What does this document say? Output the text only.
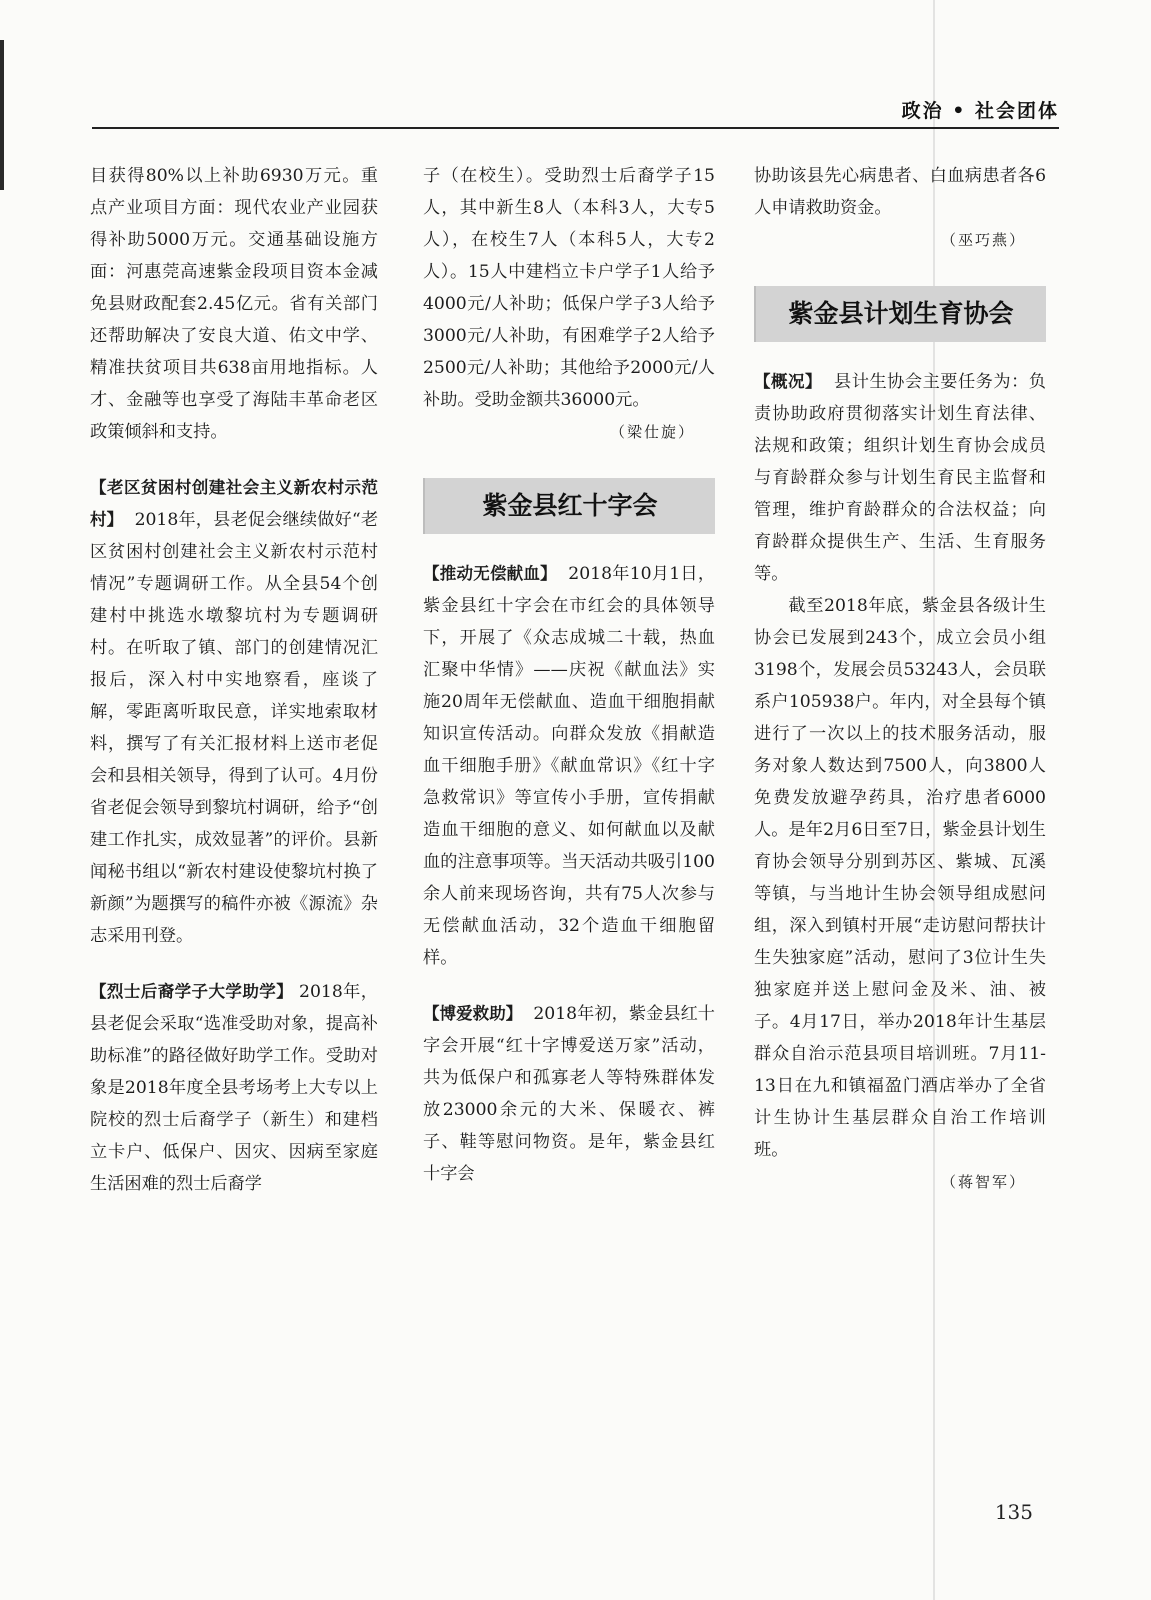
政治 • 社会团体

目获得80%以上补助6930万元。重点产业项目方面：现代农业产业园获得补助5000万元。交通基础设施方面：河惠莞高速紫金段项目资本金减免县财政配套2.45亿元。省有关部门还帮助解决了安良大道、佑文中学、精准扶贫项目共638亩用地指标。人才、金融等也享受了海陆丰革命老区政策倾斜和支持。

【老区贫困村创建社会主义新农村示范村】 2018年，县老促会继续做好“老区贫困村创建社会主义新农村示范村情况”专题调研工作。从全县54个创建村中挑选水墩黎坑村为专题调研村。在听取了镇、部门的创建情况汇报后，深入村中实地察看，座谈了解，零距离听取民意，详实地索取材料，撰写了有关汇报材料上送市老促会和县相关领导，得到了认可。4月份省老促会领导到黎坑村调研，给予“创建工作扎实，成效显著”的评价。县新闻秘书组以“新农村建设使黎坑村换了新颜”为题撰写的稿件亦被《源流》杂志采用刊登。

【烈士后裔学子大学助学】 2018年，县老促会采取“选准受助对象，提高补助标准”的路径做好助学工作。受助对象是2018年度全县考场考上大专以上院校的烈士后裔学子（新生）和建档立卡户、低保户、因灾、因病至家庭生活困难的烈士后裔学

子（在校生）。受助烈士后裔学子15人，其中新生8人（本科3人，大专5人），在校生7人（本科5人，大专2人）。15人中建档立卡户学子1人给予4000元/人补助；低保户学子3人给予3000元/人补助，有困难学子2人给予2500元/人补助；其他给予2000元/人补助。受助金额共36000元。

（梁仕旋）

紫金县红十字会

【推动无偿献血】 2018年10月1日，紫金县红十字会在市红会的具体领导下，开展了《众志成城二十载，热血汇聚中华情》——庆祝《献血法》实施20周年无偿献血、造血干细胞捐献知识宣传活动。向群众发放《捐献造血干细胞手册》《献血常识》《红十字急救常识》等宣传小手册，宣传捐献造血干细胞的意义、如何献血以及献血的注意事项等。当天活动共吸引100余人前来现场咨询，共有75人次参与无偿献血活动，32个造血干细胞留样。

【博爱救助】 2018年初，紫金县红十字会开展“红十字博爱送万家”活动，共为低保户和孤寡老人等特殊群体发放23000余元的大米、保暖衣、裤子、鞋等慰问物资。是年，紫金县红十字会

协助该县先心病患者、白血病患者各6人申请救助资金。

（巫巧燕）

紫金县计划生育协会

【概况】 县计生协会主要任务为：负责协助政府贯彻落实计划生育法律、法规和政策；组织计划生育协会成员与育龄群众参与计划生育民主监督和管理，维护育龄群众的合法权益；向育龄群众提供生产、生活、生育服务等。

截至2018年底，紫金县各级计生协会已发展到243个，成立会员小组3198个，发展会员53243人，会员联系户105938户。年内，对全县每个镇进行了一次以上的技术服务活动，服务对象人数达到7500人，向3800人免费发放避孕药具，治疗患者6000人。是年2月6日至7日，紫金县计划生育协会领导分别到苏区、紫城、瓦溪等镇，与当地计生协会领导组成慰问组，深入到镇村开展“走访慰问帮扶计生失独家庭”活动，慰问了3位计生失独家庭并送上慰问金及米、油、被子。4月17日，举办2018年计生基层群众自治示范县项目培训班。7月11-13日在九和镇福盈门酒店举办了全省计生协计生基层群众自治工作培训班。

（蒋智军）

135
